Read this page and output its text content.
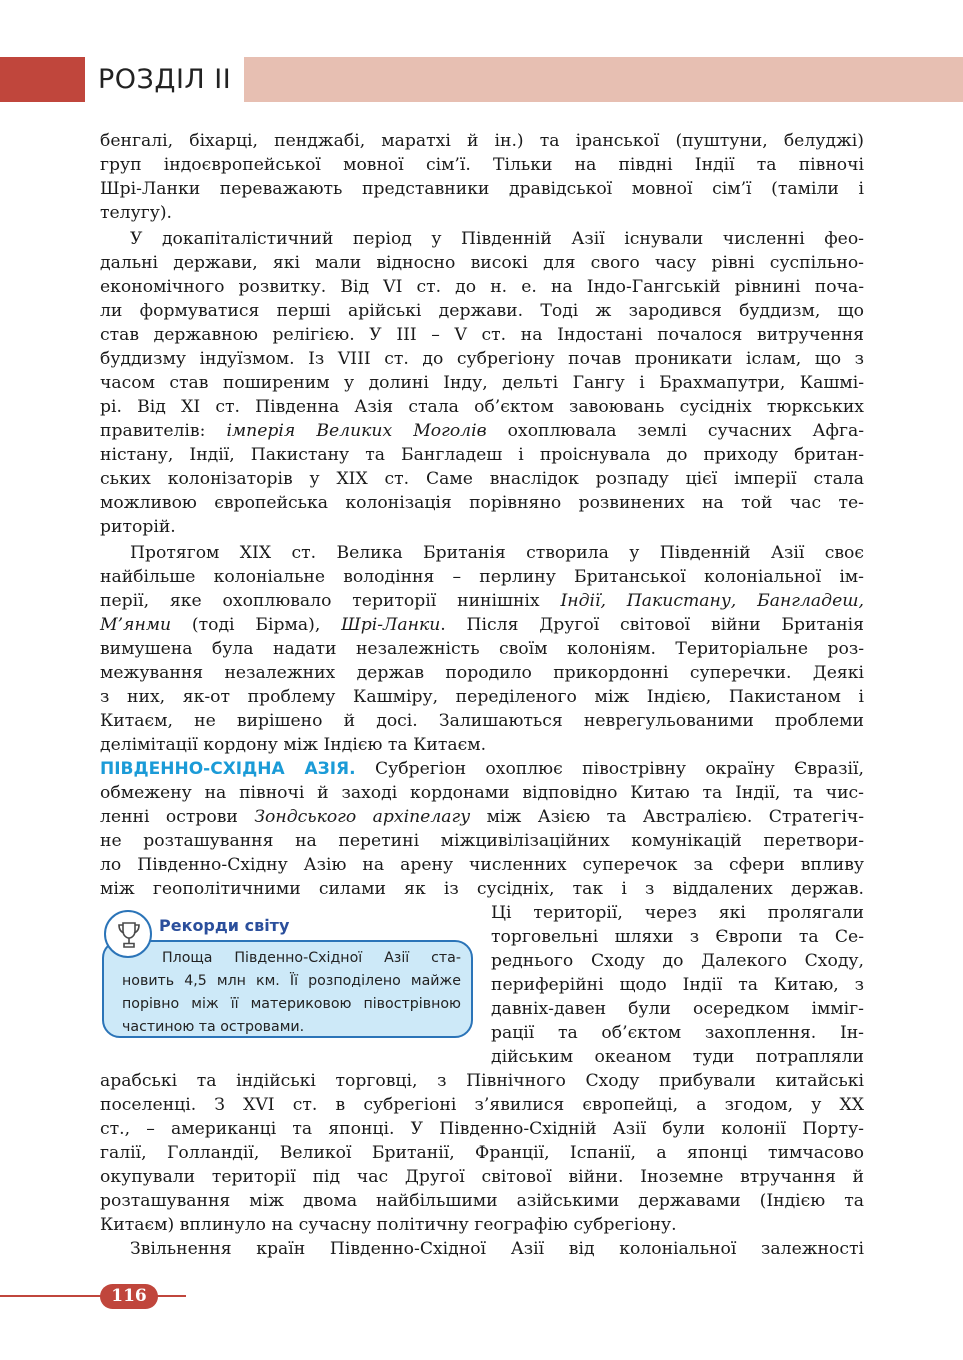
РОЗДІЛ II
бенгалі, біхарці, пенджабі, маратхі й ін.) та іранської (пуштуни, белуджі)
груп індоєвропейської мовної сім’ї. Тільки на півдні Індії та півночі
Шрі-Ланки переважають представники дравідської мовної сім’ї (таміли і
телугу).
У докапіталістичний період у Південній Азії існували численні фео-
дальні держави, які мали відносно високі для свого часу рівні суспільно-
економічного розвитку. Від VI ст. до н. е. на Індо-Гангській рівнині поча-
ли формуватися перші арійські держави. Тоді ж зародився буддизм, що
став державною релігією. У III – V ст. на Індостані почалося витручення
буддизму індуїзмом. Із VIII ст. до субрегіону почав проникати іслам, що з
часом став поширеним у долині Інду, дельті Гангу і Брахмапутри, Кашмі-
рі. Від XI ст. Південна Азія стала об’єктом завоювань сусідніх тюркських
правителів: імперія Великих Моголів охоплювала землі сучасних Афга-
ністану, Індії, Пакистану та Бангладеш і проіснувала до приходу британ-
ських колонізаторів у XIX ст. Саме внаслідок розпаду цієї імперії стала
можливою європейська колонізація порівняно розвинених на той час те-
риторій.
Протягом XIX ст. Велика Британія створила у Південній Азії своє
найбільше колоніальне володіння – перлину Британської колоніальної ім-
перії, яке охоплювало території нинішніх Індії, Пакистану, Бангладеш,
М’янми (тоді Бірма), Шрі-Ланки. Після Другої світової війни Британія
вимушена була надати незалежність своїм колоніям. Територіальне роз-
межування незалежних держав породило прикордонні суперечки. Деякі
з них, як-от проблему Кашміру, переділеного між Індією, Пакистаном і
Китаєм, не вирішено й досі. Залишаються неврегульованими проблеми
делімітації кордону між Індією та Китаєм.
ПІВДЕННО-СХІДНА АЗІЯ. Субрегіон охоплює півострівну окраїну Євразії,
обмежену на півночі й заході кордонами відповідно Китаю та Індії, та чис-
ленні острови Зондського архіпелагу між Азією та Австралією. Стратегіч-
не розташування на перетині міжцивілізаційних комунікацій перетвори-
ло Південно-Східну Азію на арену численних суперечок за сфери впливу
між геополітичними силами як із сусідніх, так і з віддалених держав.
Ці території, через які пролягали
торговельні шляхи з Європи та Се-
реднього Сходу до Далекого Сходу,
периферійні щодо Індії та Китаю, з
давніх-давен були осередком імміг-
рації та об’єктом захоплення. Ін-
дійським океаном туди потрапляли
арабські та індійські торговці, з Північного Сходу прибували китайські
поселенці. З XVI ст. в субрегіоні з’явилися європейці, а згодом, у XX
ст., – американці та японці. У Південно-Східній Азії були колонії Порту-
галії, Голландії, Великої Британії, Франції, Іспанії, а японці тимчасово
окупували території під час Другої світової війни. Іноземне втручання й
розташування між двома найбільшими азійськими державами (Індією та
Китаєм) вплинуло на сучасну політичну географію субрегіону.
Звільнення країн Південно-Східної Азії від колоніальної залежності
Площа Південно-Східної Азії ста-
новить 4,5 млн км. Її розподілено майже
порівно між її материковою півострівною
частиною та островами.
Рекорди світу
116
